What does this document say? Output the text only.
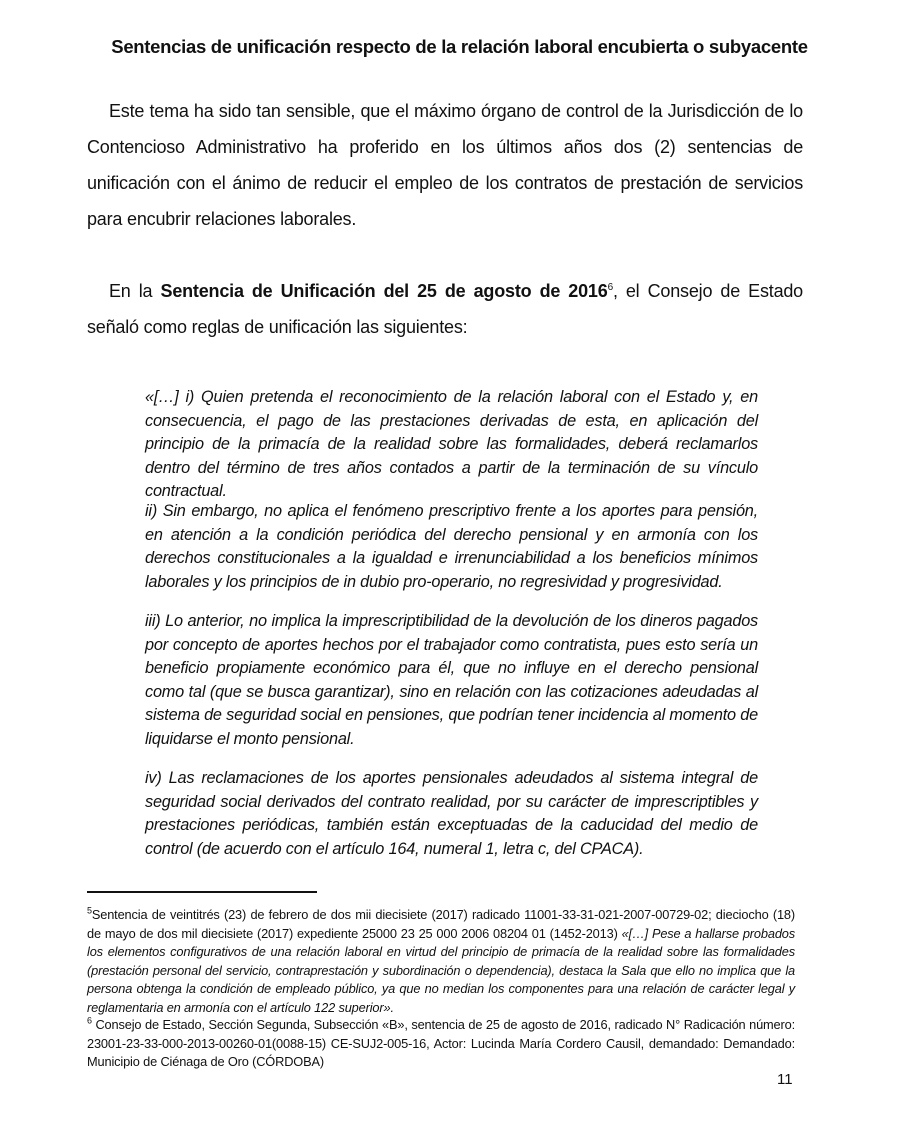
Sentencias de unificación respecto de la relación laboral encubierta o subyacente
Este tema ha sido tan sensible, que el máximo órgano de control de la Jurisdicción de lo Contencioso Administrativo ha proferido en los últimos años dos (2) sentencias de unificación con el ánimo de reducir el empleo de los contratos de prestación de servicios para encubrir relaciones laborales.
En la Sentencia de Unificación del 25 de agosto de 2016$^6$, el Consejo de Estado señaló como reglas de unificación las siguientes:
«[…] i) Quien pretenda el reconocimiento de la relación laboral con el Estado y, en consecuencia, el pago de las prestaciones derivadas de esta, en aplicación del principio de la primacía de la realidad sobre las formalidades, deberá reclamarlos dentro del término de tres años contados a partir de la terminación de su vínculo contractual.
ii) Sin embargo, no aplica el fenómeno prescriptivo frente a los aportes para pensión, en atención a la condición periódica del derecho pensional y en armonía con los derechos constitucionales a la igualdad e irrenunciabilidad a los beneficios mínimos laborales y los principios de in dubio pro-operario, no regresividad y progresividad.
iii) Lo anterior, no implica la imprescriptibilidad de la devolución de los dineros pagados por concepto de aportes hechos por el trabajador como contratista, pues esto sería un beneficio propiamente económico para él, que no influye en el derecho pensional como tal (que se busca garantizar), sino en relación con las cotizaciones adeudadas al sistema de seguridad social en pensiones, que podrían tener incidencia al momento de liquidarse el monto pensional.
iv) Las reclamaciones de los aportes pensionales adeudados al sistema integral de seguridad social derivados del contrato realidad, por su carácter de imprescriptibles y prestaciones periódicas, también están exceptuadas de la caducidad del medio de control (de acuerdo con el artículo 164, numeral 1, letra c, del CPACA).
$^5$Sentencia de veintitrés (23) de febrero de dos mii diecisiete (2017) radicado 11001-33-31-021-2007-00729-02; dieciocho (18) de mayo de dos mil diecisiete (2017) expediente 25000 23 25 000 2006 08204 01 (1452-2013) «[…] Pese a hallarse probados los elementos configurativos de una relación laboral en virtud del principio de primacía de la realidad sobre las formalidades (prestación personal del servicio, contraprestación y subordinación o dependencia), destaca la Sala que ello no implica que la persona obtenga la condición de empleado público, ya que no median los componentes para una relación de carácter legal y reglamentaria en armonía con el artículo 122 superior».
$^6$ Consejo de Estado, Sección Segunda, Subsección «B», sentencia de 25 de agosto de 2016, radicado N° Radicación número: 23001-23-33-000-2013-00260-01(0088-15) CE-SUJ2-005-16, Actor: Lucinda María Cordero Causil, demandado: Demandado: Municipio de Ciénaga de Oro (CÓRDOBA)
11
